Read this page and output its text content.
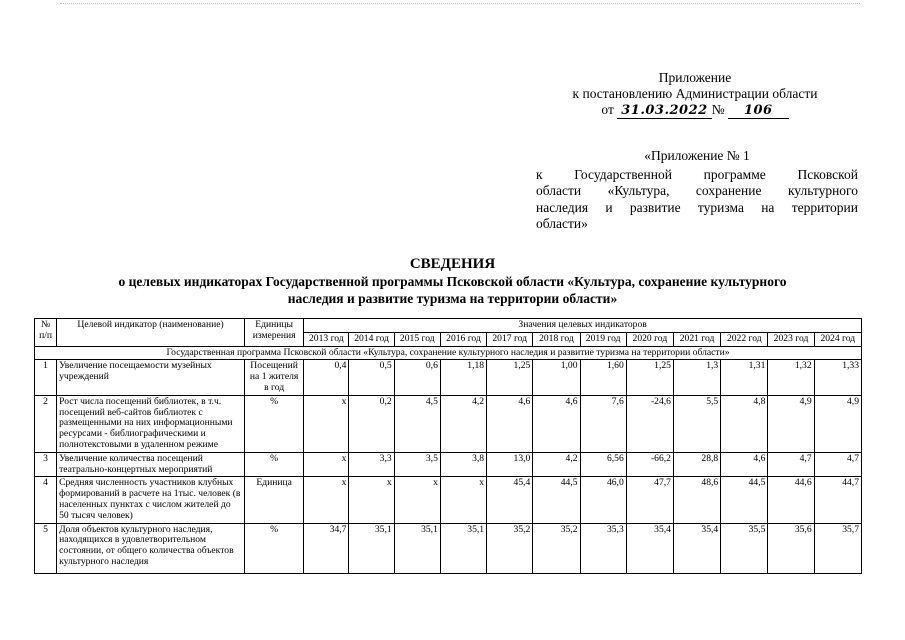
Приложение
к постановлению Администрации области
от 31.03.2022 № 106
«Приложение № 1
к Государственной программе Псковской
области «Культура, сохранение культурного
наследия и развитие туризма на территории
области»
СВЕДЕНИЯ
о целевых индикаторах Государственной программы Псковской области «Культура, сохранение культурного
наследия и развитие туризма на территории области»
№ п/п	Целевой индикатор (наименование)	Единицы измерения	Значения целевых индикаторов											
			2013 год	2014 год	2015 год	2016 год	2017 год	2018 год	2019 год	2020 год	2021 год	2022 год	2023 год	2024 год
Государственная программа Псковской области «Культура, сохранение культурного наследия и развитие туризма на территории области»														
1	Увеличение посещаемости музейных учреждений	Посещений на 1 жителя в год	0,4	0,5	0,6	1,18	1,25	1,00	1,60	1,25	1,3	1,31	1,32	1,33
2	Рост числа посещений библиотек, в т.ч. посещений веб-сайтов библиотек с размещенными на них информационными ресурсами - библиографическими и полнотекстовыми в удаленном режиме	%	х	0,2	4,5	4,2	4,6	4,6	7,6	-24,6	5,5	4,8	4,9	4,9
3	Увеличение количества посещений театрально-концертных мероприятий	%	х	3,3	3,5	3,8	13,0	4,2	6,56	-66,2	28,8	4,6	4,7	4,7
4	Средняя численность участников клубных формирований в расчете на 1тыс. человек (в населенных пунктах с числом жителей до 50 тысяч человек)	Единица	х	х	х	х	45,4	44,5	46,0	47,7	48,6	44,5	44,6	44,7
5	Доля объектов культурного наследия, находящихся в удовлетворительном состоянии, от общего количества объектов культурного наследия	%	34,7	35,1	35,1	35,1	35,2	35,2	35,3	35,4	35,4	35,5	35,6	35,7
